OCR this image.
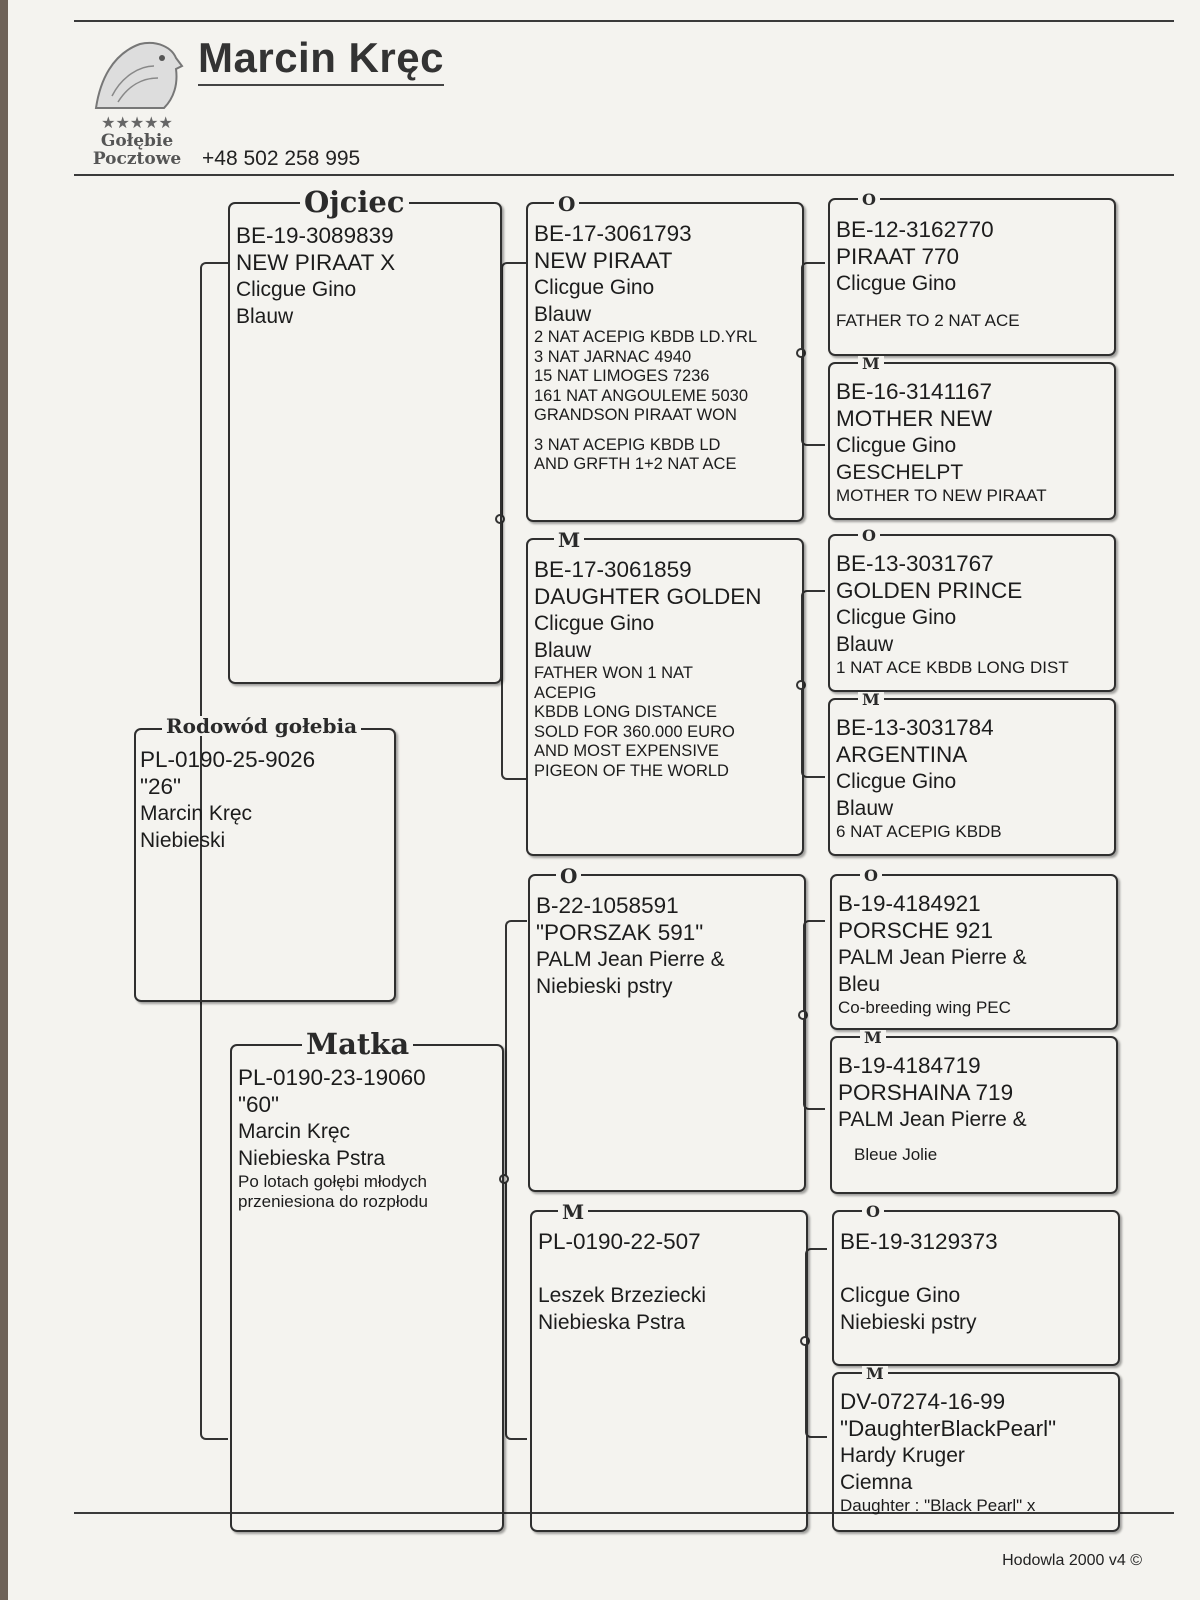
★★★★★
Gołębie
Pocztowe
Marcin Kręc
+48 502 258 995
Rodowód gołebia
PL-0190-25-9026
"26"
Marcin Kręc
Niebieski
Ojciec
BE-19-3089839
NEW PIRAAT X
Clicgue Gino
Blauw
Matka
PL-0190-23-19060
"60"
Marcin Kręc
Niebieska Pstra
Po lotach gołębi młodych
przeniesiona do rozpłodu
O
BE-17-3061793
NEW PIRAAT
Clicgue Gino
Blauw
2 NAT ACEPIG KBDB LD.YRL
3 NAT JARNAC 4940
15 NAT LIMOGES 7236
161 NAT ANGOULEME 5030
GRANDSON PIRAAT WON
3 NAT ACEPIG KBDB LD
AND GRFTH 1+2 NAT ACE
M
BE-17-3061859
DAUGHTER GOLDEN
Clicgue Gino
Blauw
FATHER WON 1 NAT
ACEPIG
KBDB LONG DISTANCE
SOLD FOR 360.000 EURO
AND MOST EXPENSIVE
PIGEON OF THE WORLD
O
B-22-1058591
"PORSZAK 591"
PALM Jean Pierre &
Niebieski pstry
M
PL-0190-22-507
Leszek Brzeziecki
Niebieska Pstra
O
BE-12-3162770
PIRAAT 770
Clicgue Gino
FATHER TO 2 NAT ACE
M
BE-16-3141167
MOTHER NEW
Clicgue Gino
GESCHELPT
MOTHER TO NEW PIRAAT
O
BE-13-3031767
GOLDEN PRINCE
Clicgue Gino
Blauw
1 NAT ACE KBDB LONG DIST
M
BE-13-3031784
ARGENTINA
Clicgue Gino
Blauw
6 NAT ACEPIG KBDB
O
B-19-4184921
PORSCHE 921
PALM Jean Pierre &
Bleu
Co-breeding wing PEC
M
B-19-4184719
PORSHAINA 719
PALM Jean Pierre &
Bleue Jolie
O
BE-19-3129373
Clicgue Gino
Niebieski pstry
M
DV-07274-16-99
"DaughterBlackPearl"
Hardy Kruger
Ciemna
Daughter : "Black Pearl" x
Hodowla 2000 v4 ©
